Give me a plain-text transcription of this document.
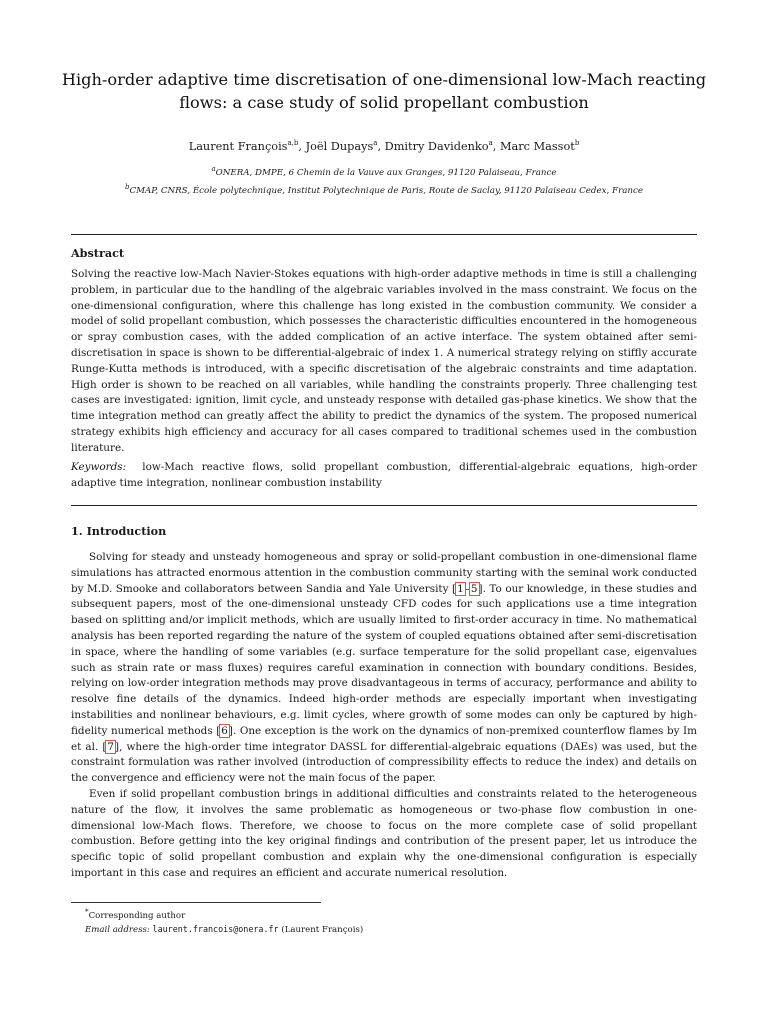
High-order adaptive time discretisation of one-dimensional low-Mach reacting
flows: a case study of solid propellant combustion
Laurent François$^{a,b}$, Joël Dupays$^a$, Dmitry Davidenko$^a$, Marc Massot$^b$
$^a$ONERA, DMPE, 6 Chemin de la Vauve aux Granges, 91120 Palaiseau, France
$^b$CMAP, CNRS, École polytechnique, Institut Polytechnique de Paris, Route de Saclay, 91120 Palaiseau Cedex, France
Abstract

Solving the reactive low-Mach Navier-Stokes equations with high-order adaptive methods in time is still a challenging problem, in particular due to the handling of the algebraic variables involved in the mass constraint. We focus on the one-dimensional configuration, where this challenge has long existed in the combustion community. We consider a model of solid propellant combustion, which possesses the characteristic difficulties encountered in the homogeneous or spray combustion cases, with the added complication of an active interface. The system obtained after semi-discretisation in space is shown to be differential-algebraic of index 1. A numerical strategy relying on stiffly accurate Runge-Kutta methods is introduced, with a specific discretisation of the algebraic constraints and time adaptation. High order is shown to be reached on all variables, while handling the constraints properly. Three challenging test cases are investigated: ignition, limit cycle, and unsteady response with detailed gas-phase kinetics. We show that the time integration method can greatly affect the ability to predict the dynamics of the system. The proposed numerical strategy exhibits high efficiency and accuracy for all cases compared to traditional schemes used in the combustion literature.

Keywords: low-Mach reactive flows, solid propellant combustion, differential-algebraic equations, high-order adaptive time integration, nonlinear combustion instability

1. Introduction

Solving for steady and unsteady homogeneous and spray or solid-propellant combustion in one-dimensional flame simulations has attracted enormous attention in the combustion community starting with the seminal work conducted by M.D. Smooke and collaborators between Sandia and Yale University [1–5]. To our knowledge, in these studies and subsequent papers, most of the one-dimensional unsteady CFD codes for such applications use a time integration based on splitting and/or implicit methods, which are usually limited to first-order accuracy in time. No mathematical analysis has been reported regarding the nature of the system of coupled equations obtained after semi-discretisation in space, where the handling of some variables (e.g. surface temperature for the solid propellant case, eigenvalues such as strain rate or mass fluxes) requires careful examination in connection with boundary conditions. Besides, relying on low-order integration methods may prove disadvantageous in terms of accuracy, performance and ability to resolve fine details of the dynamics. Indeed high-order methods are especially important when investigating instabilities and nonlinear behaviours, e.g. limit cycles, where growth of some modes can only be captured by high-fidelity numerical methods [6]. One exception is the work on the dynamics of non-premixed counterflow flames by Im et al. [7], where the high-order time integrator DASSL for differential-algebraic equations (DAEs) was used, but the constraint formulation was rather involved (introduction of compressibility effects to reduce the index) and details on the convergence and efficiency were not the main focus of the paper.

Even if solid propellant combustion brings in additional difficulties and constraints related to the heterogeneous nature of the flow, it involves the same problematic as homogeneous or two-phase flow combustion in one-dimensional low-Mach flows. Therefore, we choose to focus on the more complete case of solid propellant combustion. Before getting into the key original findings and contribution of the present paper, let us introduce the specific topic of solid propellant combustion and explain why the one-dimensional configuration is especially important in this case and requires an efficient and accurate numerical resolution.

*Corresponding author
Email address: laurent.francois@onera.fr (Laurent François)
